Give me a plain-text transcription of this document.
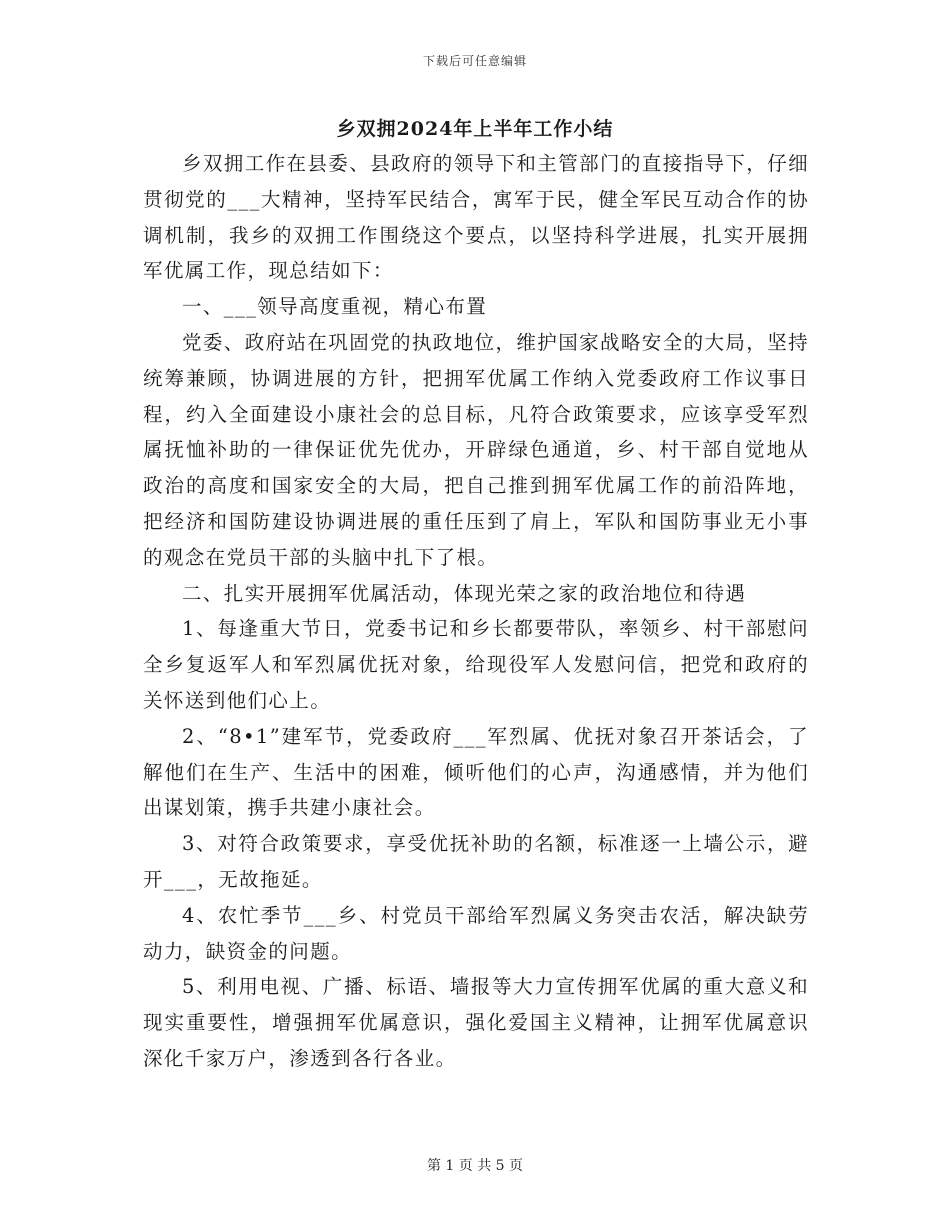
下载后可任意编辑
乡双拥2024年上半年工作小结

乡双拥工作在县委、县政府的领导下和主管部门的直接指导下，仔细贯彻党的___大精神，坚持军民结合，寓军于民，健全军民互动合作的协调机制，我乡的双拥工作围绕这个要点，以坚持科学进展，扎实开展拥军优属工作，现总结如下：

一、___领导高度重视，精心布置

党委、政府站在巩固党的执政地位，维护国家战略安全的大局，坚持统筹兼顾，协调进展的方针，把拥军优属工作纳入党委政府工作议事日程，约入全面建设小康社会的总目标，凡符合政策要求，应该享受军烈属抚恤补助的一律保证优先优办，开辟绿色通道，乡、村干部自觉地从政治的高度和国家安全的大局，把自己推到拥军优属工作的前沿阵地，把经济和国防建设协调进展的重任压到了肩上，军队和国防事业无小事的观念在党员干部的头脑中扎下了根。

二、扎实开展拥军优属活动，体现光荣之家的政治地位和待遇

1、每逢重大节日，党委书记和乡长都要带队，率领乡、村干部慰问全乡复返军人和军烈属优抚对象，给现役军人发慰问信，把党和政府的关怀送到他们心上。

2、“8•1”建军节，党委政府___军烈属、优抚对象召开茶话会，了解他们在生产、生活中的困难，倾听他们的心声，沟通感情，并为他们出谋划策，携手共建小康社会。

3、对符合政策要求，享受优抚补助的名额，标准逐一上墙公示，避开___，无故拖延。

4、农忙季节___乡、村党员干部给军烈属义务突击农活，解决缺劳动力，缺资金的问题。

5、利用电视、广播、标语、墙报等大力宣传拥军优属的重大意义和现实重要性，增强拥军优属意识，强化爱国主义精神，让拥军优属意识深化千家万户，渗透到各行各业。

第 1 页 共 5 页
